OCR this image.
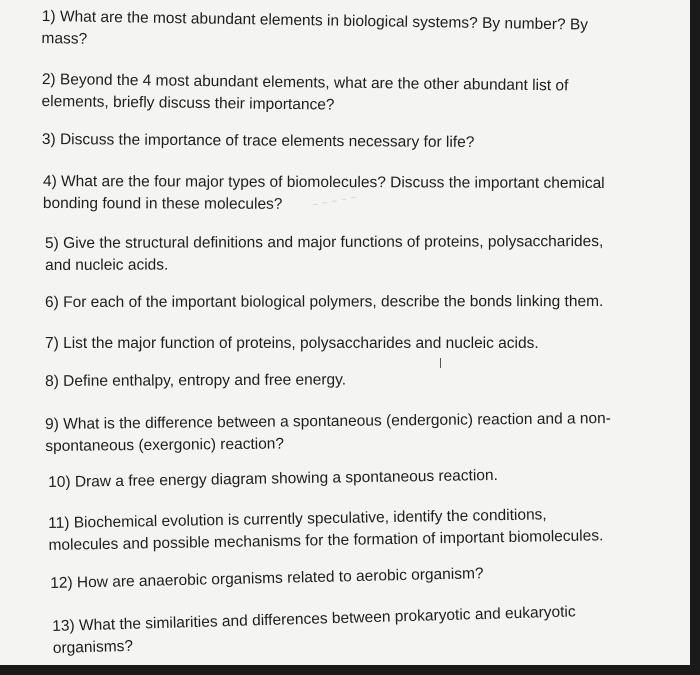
1) What are the most abundant elements in biological systems? By number? By
mass?
2) Beyond the 4 most abundant elements, what are the other abundant list of
elements, briefly discuss their importance?
3) Discuss the importance of trace elements necessary for life?
4) What are the four major types of biomolecules? Discuss the important chemical
bonding found in these molecules?	~ ~ ~ ~ ~
5) Give the structural definitions and major functions of proteins, polysaccharides,
and nucleic acids.
6) For each of the important biological polymers, describe the bonds linking them.
7) List the major function of proteins, polysaccharides and nucleic acids.
8) Define enthalpy, entropy and free energy.
9) What is the difference between a spontaneous (endergonic) reaction and a non-
spontaneous (exergonic) reaction?
10) Draw a free energy diagram showing a spontaneous reaction.
11) Biochemical evolution is currently speculative, identify the conditions,
molecules and possible mechanisms for the formation of important biomolecules.
12) How are anaerobic organisms related to aerobic organism?
13) What the similarities and differences between prokaryotic and eukaryotic
organisms?
